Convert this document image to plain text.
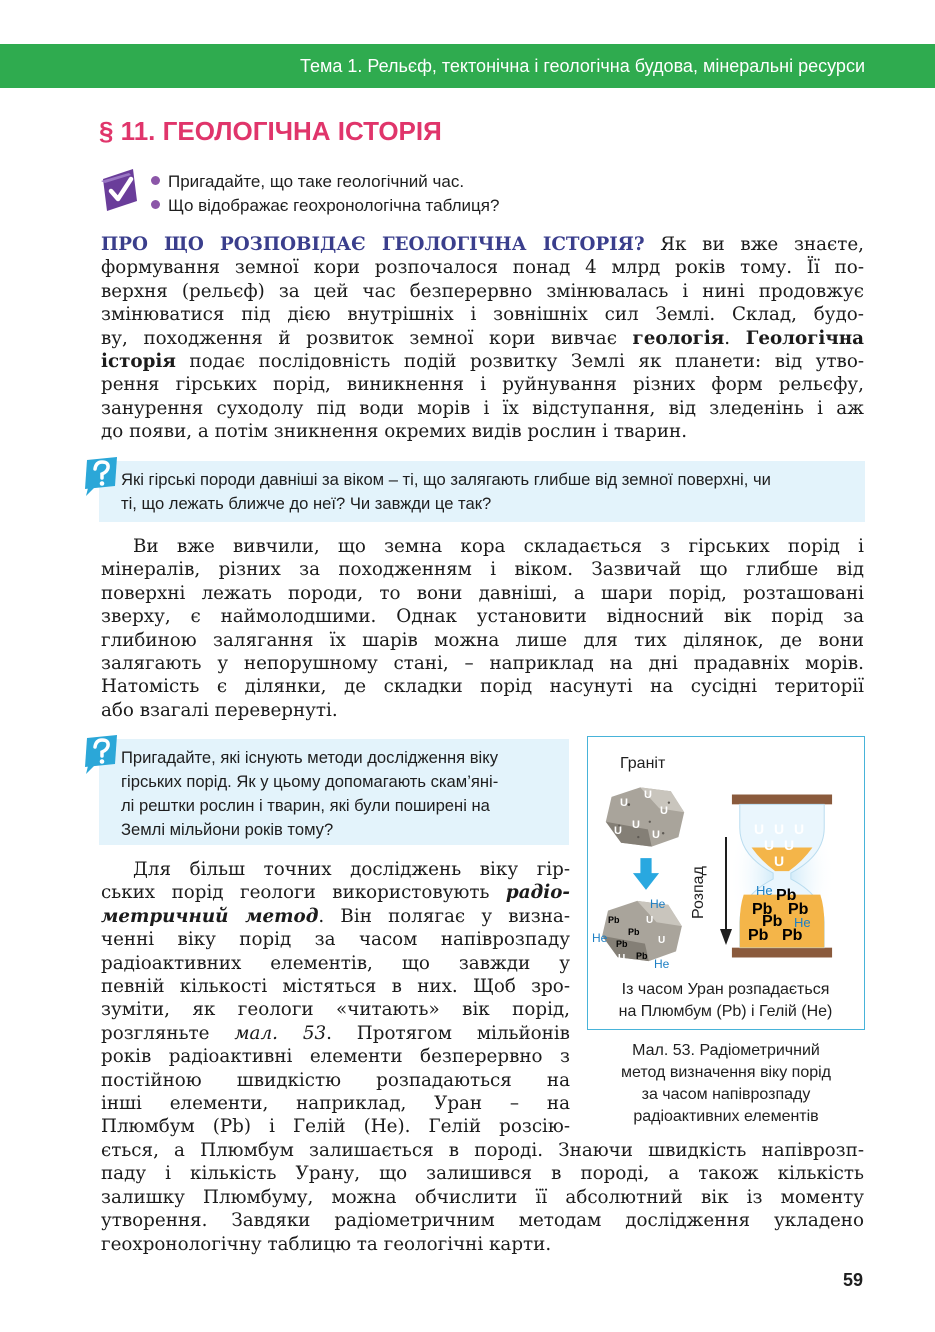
Тема 1. Рельєф, тектонічна і геологічна будова, мінеральні ресурси
§ 11. ГЕОЛОГІЧНА ІСТОРІЯ
Пригадайте, що таке геологічний час.
Що відображає геохронологічна таблиця?
ПРО ЩО РОЗПОВІДАЄ ГЕОЛОГІЧНА ІСТОРІЯ? Як ви вже знаєте,
формування земної кори розпочалося понад 4 млрд років тому. Її по-
верхня (рельєф) за цей час безперервно змінювалась і нині продовжує
змінюватися під дією внутрішніх і зовнішніх сил Землі. Склад, будо-
ву, походження й розвиток земної кори вивчає геологія. Геологічна
історія подає послідовність подій розвитку Землі як планети: від утво-
рення гірських порід, виникнення і руйнування різних форм рельєфу,
занурення суходолу під води морів і їх відступання, від зледенінь і аж
до появи, а потім зникнення окремих видів рослин і тварин.
Які гірські породи давніші за віком – ті, що залягають глибше від земної поверхні, чи
ті, що лежать ближче до неї? Чи завжди це так?
Ви вже вивчили, що земна кора складається з гірських порід і
мінералів, різних за походженням і віком. Зазвичай що глибше від
поверхні лежать породи, то вони давніші, а шари порід, розташовані
зверху, є наймолодшими. Однак установити відносний вік порід за
глибиною залягання їх шарів можна лише для тих ділянок, де вони
залягають у непорушному стані, – наприклад на дні прадавніх морів.
Натомість є ділянки, де складки порід насунуті на сусідні території
або взагалі перевернуті.
Пригадайте, які існують методи дослідження віку
гірських порід. Як у цьому допомагають скам’яні-
лі рештки рослин і тварин, які були поширені на
Землі мільйони років тому?
Для більш точних досліджень віку гір-
ських порід геологи використовують радіо-
метричний метод. Він полягає у визна-
ченні віку порід за часом напіврозпаду
радіоактивних елементів, що завжди у
певній кількості містяться в них. Щоб зро-
зуміти, як геологи «читають» вік порід,
розгляньте мал. 53. Протягом мільйонів
років радіоактивні елементи безперервно з
постійною швидкістю розпадаються на
інші елементи, наприклад, Уран – на
Плюмбум (Pb) і Гелій (He). Гелій розсію-
ється, а Плюмбум залишається в породі. Знаючи швидкість напіврозп-
паду і кількість Урану, що залишився в породі, а також кількість
залишку Плюмбуму, можна обчислити її абсолютний вік із моменту
утворення. Завдяки радіометричним методам дослідження укладено
геохронологічну таблицю та геологічні карти.
Граніт
U
U
U
U
U	U
Pb
Pb
Pb
Pb
U
U
U
He
He
He
Розпад
U U U
U U
U
He
He
Pb
Pb Pb
Pb
Pb Pb
Із часом Уран розпадається
на Плюмбум (Pb) і Гелій (He)
Мал. 53. Радіометричний
метод визначення віку порід
за часом напіврозпаду
радіоактивних елементів
59
